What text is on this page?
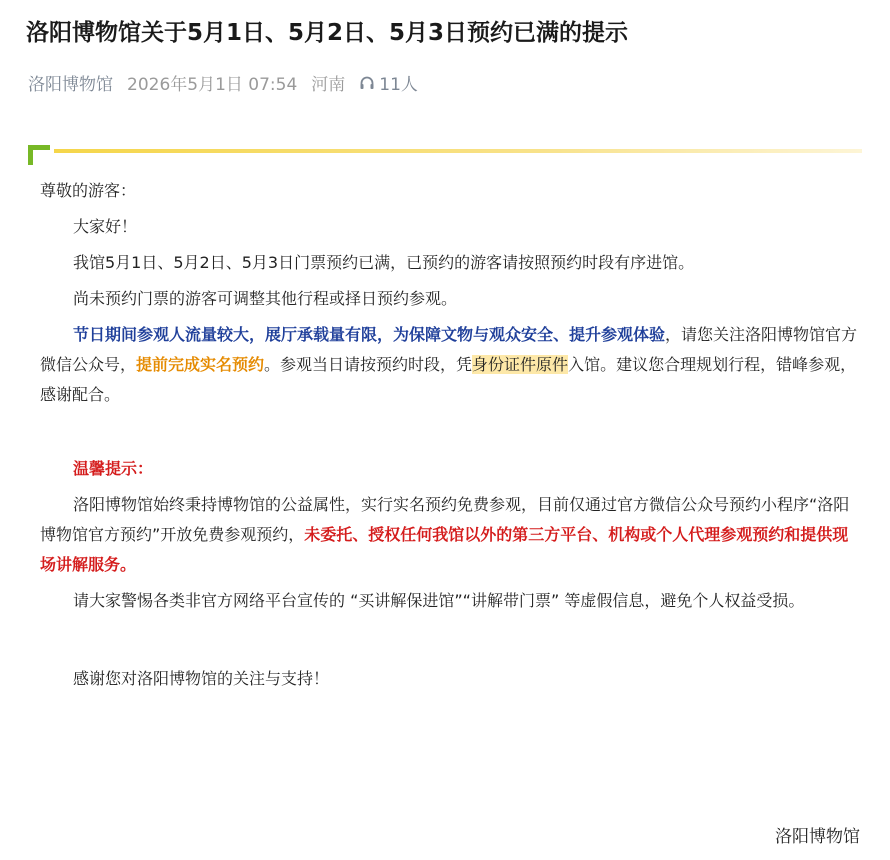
洛阳博物馆关于5月1日、5月2日、5月3日预约已满的提示
洛阳博物馆 2026年5月1日 07:54 河南 11人

尊敬的游客：

大家好！

我馆5月1日、5月2日、5月3日门票预约已满，已预约的游客请按照预约时段有序进馆。

尚未预约门票的游客可调整其他行程或择日预约参观。

节日期间参观人流量较大，展厅承载量有限，为保障文物与观众安全、提升参观体验，请您关注洛阳博物馆官方微信公众号，提前完成实名预约。参观当日请按预约时段，凭身份证件原件入馆。建议您合理规划行程，错峰参观，感谢配合。

温馨提示：

洛阳博物馆始终秉持博物馆的公益属性，实行实名预约免费参观，目前仅通过官方微信公众号预约小程序“洛阳博物馆官方预约”开放免费参观预约，未委托、授权任何我馆以外的第三方平台、机构或个人代理参观预约和提供现场讲解服务。

请大家警惕各类非官方网络平台宣传的 “买讲解保进馆”“讲解带门票” 等虚假信息，避免个人权益受损。

感谢您对洛阳博物馆的关注与支持！

洛阳博物馆
